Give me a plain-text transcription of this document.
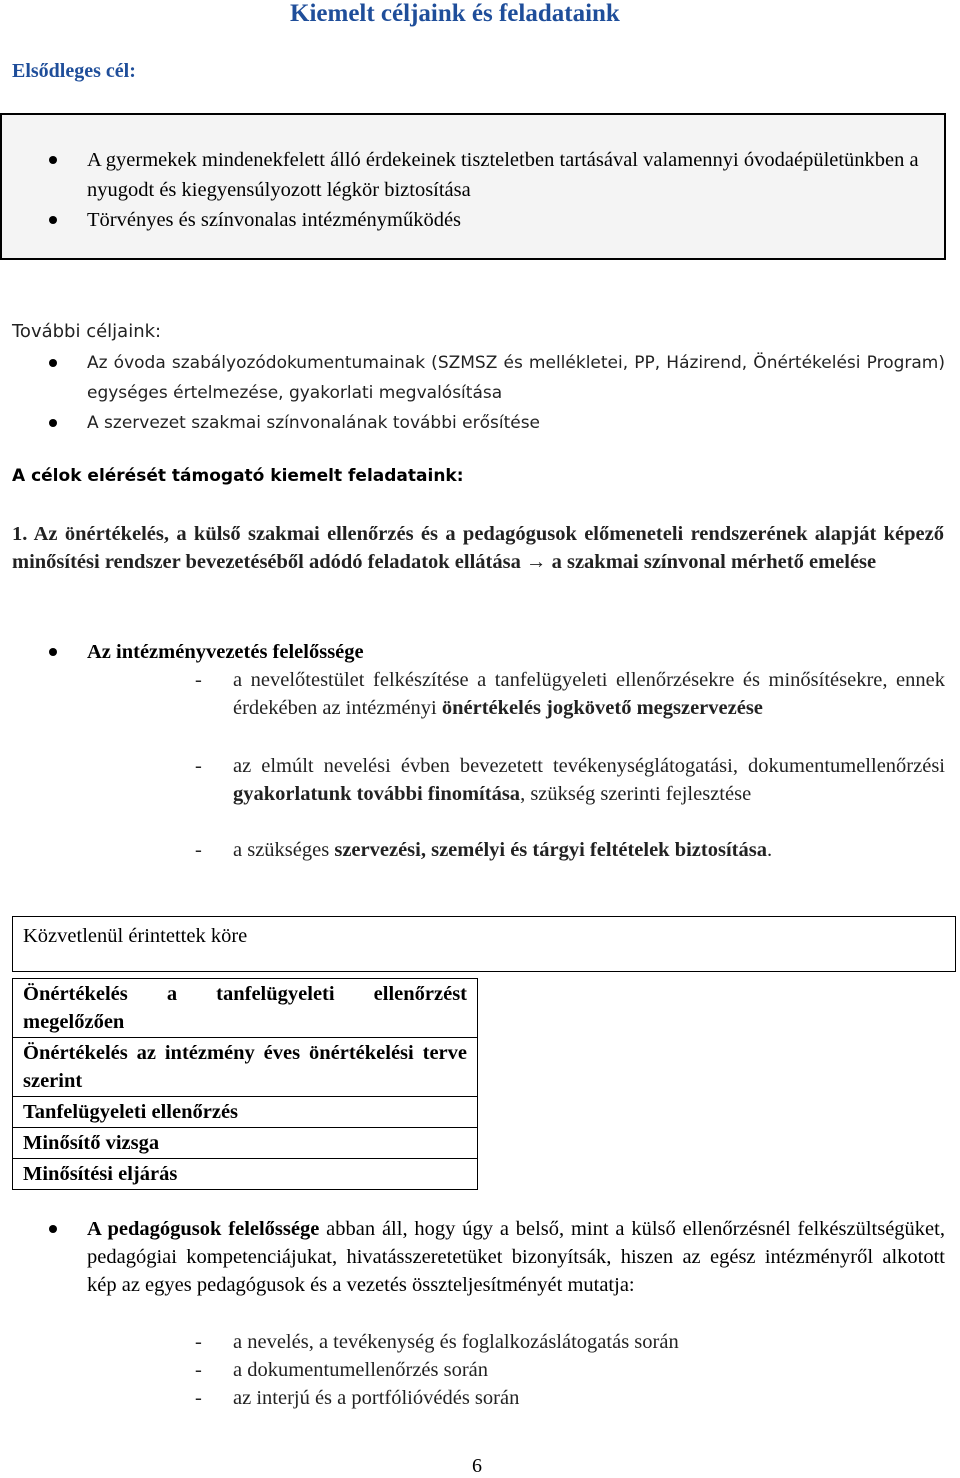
Kiemelt céljaink és feladataink
Elsődleges cél:
A gyermekek mindenekfelett álló érdekeinek tiszteletben tartásával valamennyi óvodaépületünkben a nyugodt és kiegyensúlyozott légkör biztosítása
Törvényes és színvonalas intézményműködés
További céljaink:
Az óvoda szabályozódokumentumainak (SZMSZ és mellékletei, PP, Házirend, Önértékelési Program) egységes értelmezése, gyakorlati megvalósítása
A szervezet szakmai színvonalának további erősítése
A célok elérését támogató kiemelt feladataink:
1. Az önértékelés, a külső szakmai ellenőrzés és a pedagógusok előmeneteli rendszerének alapját képező minősítési rendszer bevezetéséből adódó feladatok ellátása → a szakmai színvonal mérhető emelése
Az intézményvezetés felelőssége
- a nevelőtestület felkészítése a tanfelügyeleti ellenőrzésekre és minősítésekre, ennek érdekében az intézményi önértékelés jogkövető megszervezése
- az elmúlt nevelési évben bevezetett tevékenységlátogatási, dokumentumellenőrzési gyakorlatunk további finomítása, szükség szerinti fejlesztése
- a szükséges szervezési, személyi és tárgyi feltételek biztosítása.
Közvetlenül érintettek köre
Önértékelés a tanfelügyeleti ellenőrzést megelőzően

Önértékelés az intézmény éves önértékelési terve szerint

Tanfelügyeleti ellenőrzés

Minősítő vizsga

Minősítési eljárás
A pedagógusok felelőssége abban áll, hogy úgy a belső, mint a külső ellenőrzésnél felkészültségüket, pedagógiai kompetenciájukat, hivatásszeretetüket bizonyítsák, hiszen az egész intézményről alkotott kép az egyes pedagógusok és a vezetés összteljesítményét mutatja:
- a nevelés, a tevékenység és foglalkozáslátogatás során
- a dokumentumellenőrzés során
- az interjú és a portfólióvédés során
6
